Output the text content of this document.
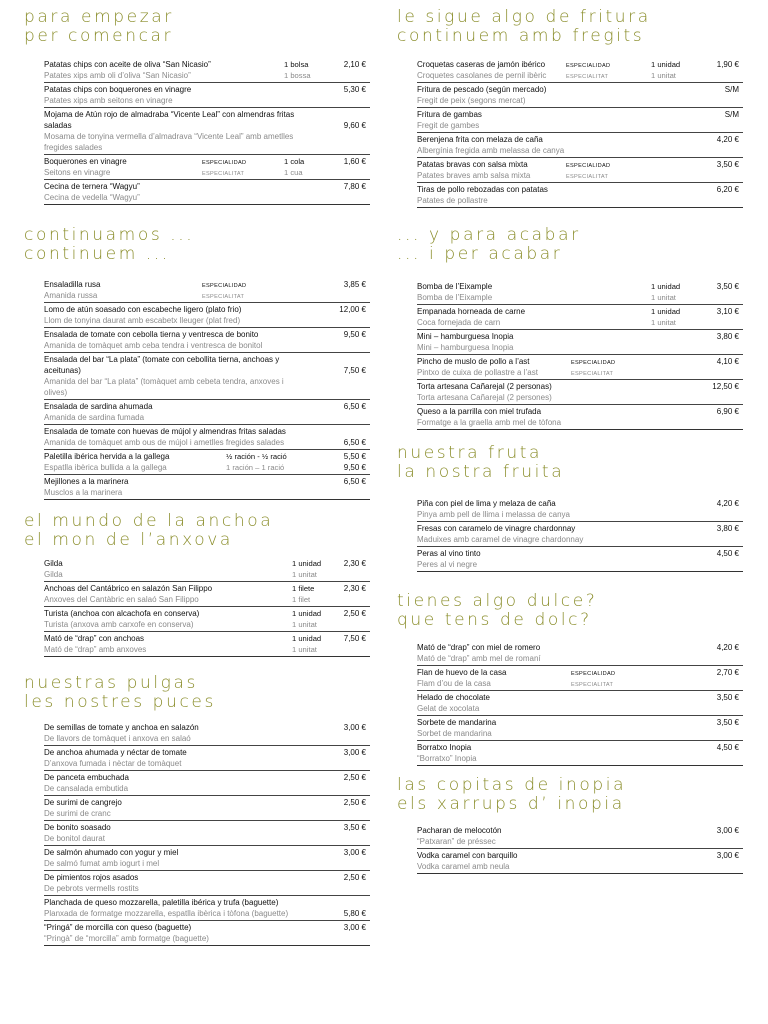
para empezar
per comencar
Patatas chips con aceite de oliva “San Nicasio”
Patates xips amb oli d’oliva “San Nicasio”
1 bolsa
1 bossa
2,10 €
Patatas chips con boquerones en vinagre
Patates xips amb seitons en vinagre
5,30 €
Mojama de Atún rojo de almadraba “Vicente Leal” con almendras fritas saladas
Mosama de tonyina vermella d’almadrava “Vicente Leal” amb ametlles fregides salades
9,60 €
Boquerones en vinagre
Seitons en vinagre
ESPECIALIDAD
ESPECIALITAT
1 cola
1 cua
1,60 €
Cecina de ternera “Wagyu”
Cecina de vedella “Wagyu”
7,80 €
continuamos ...
continuem ...
Ensaladilla rusa
Amanida russa
ESPECIALIDAD
ESPECIALITAT
3,85 €
Lomo de atún soasado con escabeche ligero (plato frio)
Llom de tonyina daurat amb escabetx lleuger (plat fred)
12,00 €
Ensalada de tomate con cebolla tierna y ventresca de bonito
Amanida de tomàquet amb ceba tendra i ventresca de bonitol
9,50 €
Ensalada del bar “La plata” (tomate con cebollita tierna, anchoas y aceitunas)
Amanida del bar “La plata” (tomàquet amb cebeta tendra, anxoves i olives)
7,50 €
Ensalada de sardina ahumada
Amanida de sardina fumada
6,50 €
Ensalada de tomate con huevas de mújol y almendras fritas saladas
Amanida de tomàquet amb ous de mújol i ametlles fregides salades	6,50 €
Paletilla ibérica hervida a la gallega
Espatlla ibèrica bullida a la gallega
½ ración - ½ ració
1 ración – 1 ració
5,50 €
9,50 €
Mejillones a la marinera
Musclos a la marinera
6,50 €
el mundo de la anchoa
el mon de l’anxova
Gilda
Gilda
1 unidad
1 unitat
2,30 €
Anchoas del Cantábrico en salazón San Filippo
Anxoves del Cantàbric en salaó San Filippo
1 filete
1 filet
2,30 €
Turista (anchoa con alcachofa en conserva)
Turista (anxova amb carxofe en conserva)
1 unidad
1 unitat
2,50 €
Mató de “drap” con anchoas
Mató de “drap” amb anxoves
1 unidad
1 unitat
7,50 €
nuestras pulgas
les nostres puces
De semillas de tomate y anchoa en salazón
De llavors de tomàquet i anxova en salaó
3,00 €
De anchoa ahumada y néctar de tomate
D’anxova fumada i nèctar de tomàquet
3,00 €
De panceta embuchada
De cansalada embutida
2,50 €
De surimi de cangrejo
De surimi de cranc
2,50 €
De bonito soasado
De bonitol daurat
3,50 €
De salmón ahumado con yogur y miel
De salmó fumat amb iogurt i mel
3,00 €
De pimientos rojos asados
De pebrots vermells rostits
2,50 €
Planchada de queso mozzarella, paletilla ibérica y trufa (baguette)
Planxada de formatge mozzarella, espatlla ibèrica i tòfona (baguette)	5,80 €
“Pringá” de morcilla con queso (baguette)
“Pringà” de “morcilla” amb formatge (baguette)
3,00 €
le sigue algo de fritura
continuem amb fregits
Croquetas caseras de jamón ibérico
Croquetes casolanes de pernil ibèric
ESPECIALIDAD
ESPECIALITAT
1 unidad
1 unitat
1,90 €
Fritura de pescado (según mercado)
Fregit de peix (segons mercat)
S/M
Fritura de gambas
Fregit de gambes
S/M
Berenjena frita con melaza de caña
Albergínia fregida amb melassa de canya
4,20 €
Patatas bravas con salsa mixta
Patates braves amb salsa mixta
ESPECIALIDAD
ESPECIALITAT
3,50 €
Tiras de pollo rebozadas con patatas
Patates de pollastre
6,20 €
... y para acabar
... i per acabar
Bomba de l’Eixample
Bomba de l’Eixample
1 unidad
1 unitat
3,50 €
Empanada horneada de carne
Coca fornejada de carn
1 unidad
1 unitat
3,10 €
Mini – hamburguesa Inopia
Mini – hamburguesa Inopia
3,80 €
Pincho de muslo de pollo a l’ast
Pintxo de cuixa de pollastre a l’ast
ESPECIALIDAD
ESPECIALITAT
4,10 €
Torta artesana Cañarejal (2 personas)
Torta artesana Cañarejal (2 persones)
12,50 €
Queso a la parrilla con miel trufada
Formatge a la graella amb mel de tòfona
6,90 €
nuestra fruta
la nostra fruita
Piña con piel de lima y melaza de caña
Pinya amb pell de llima i melassa de canya
4,20 €
Fresas con caramelo de vinagre chardonnay
Maduixes amb caramel de vinagre chardonnay
3,80 €
Peras al vino tinto
Peres al vi negre
4,50 €
tienes algo dulce?
que tens de dolc?
Mató de “drap” con miel de romero
Mató de “drap” amb mel de romaní
4,20 €
Flan de huevo de la casa
Flam d’ou de la casa
ESPECIALIDAD
ESPECIALITAT
2,70 €
Helado de chocolate
Gelat de xocolata
3,50 €
Sorbete de mandarina
Sorbet de mandarina
3,50 €
Borratxo Inopia
“Borratxo” Inopia
4,50 €
las copitas de inopia
els xarrups d’ inopia
Pacharan de melocotón
“Patxaran” de préssec
3,00 €
Vodka caramel con barquillo
Vodka caramel amb neula
3,00 €
